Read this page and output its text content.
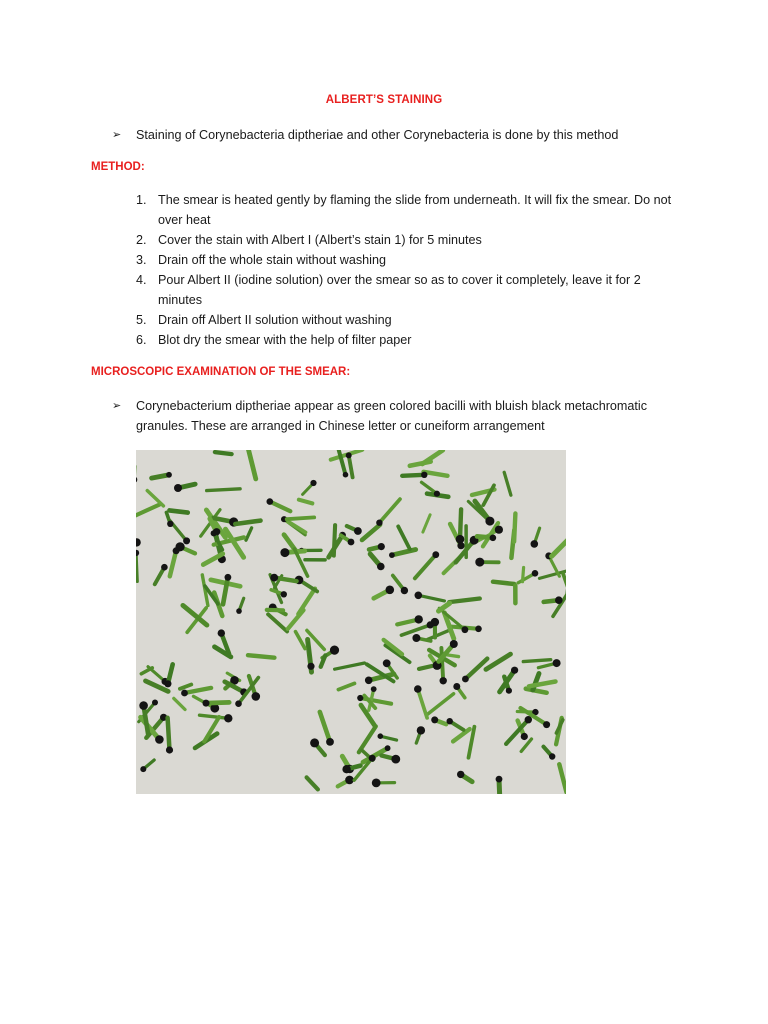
ALBERT’S STAINING
➢	Staining of Corynebacteria diptheriae and other Corynebacteria is done by this method
METHOD:
1. The smear is heated gently by flaming the slide from underneath. It will fix the smear. Do not over heat
2. Cover the stain with Albert I (Albert’s stain 1) for 5 minutes
3. Drain off the whole stain without washing
4. Pour Albert II (iodine solution) over the smear so as to cover it completely, leave it for 2 minutes
5. Drain off Albert II solution without washing
6. Blot dry the smear with the help of filter paper
MICROSCOPIC EXAMINATION OF THE SMEAR:
➢	Corynebacterium diptheriae appear as green colored bacilli with bluish black metachromatic granules. These are arranged in Chinese letter or cuneiform arrangement
